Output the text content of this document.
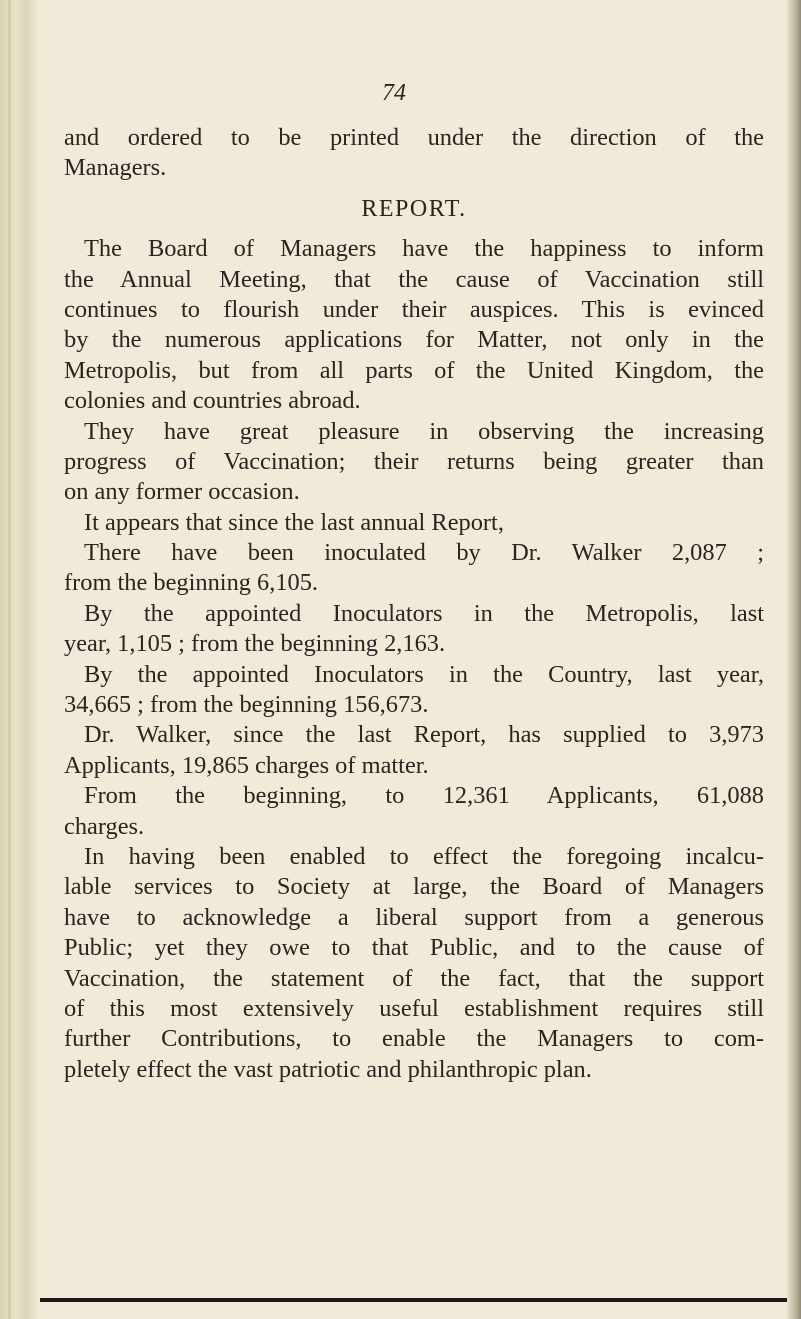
74
and ordered to be printed under the direction of the
Managers.
REPORT.
The Board of Managers have the happiness to inform
the Annual Meeting, that the cause of Vaccination still
continues to flourish under their auspices. This is evinced
by the numerous applications for Matter, not only in the
Metropolis, but from all parts of the United Kingdom, the
colonies and countries abroad.
They have great pleasure in observing the increasing
progress of Vaccination; their returns being greater than
on any former occasion.
It appears that since the last annual Report,
There have been inoculated by Dr. Walker 2,087 ;
from the beginning 6,105.
By the appointed Inoculators in the Metropolis, last
year, 1,105 ; from the beginning 2,163.
By the appointed Inoculators in the Country, last year,
34,665 ; from the beginning 156,673.
Dr. Walker, since the last Report, has supplied to 3,973
Applicants, 19,865 charges of matter.
From the beginning, to 12,361 Applicants, 61,088
charges.
In having been enabled to effect the foregoing incalcu-
lable services to Society at large, the Board of Managers
have to acknowledge a liberal support from a generous
Public; yet they owe to that Public, and to the cause of
Vaccination, the statement of the fact, that the support
of this most extensively useful establishment requires still
further Contributions, to enable the Managers to com-
pletely effect the vast patriotic and philanthropic plan.
